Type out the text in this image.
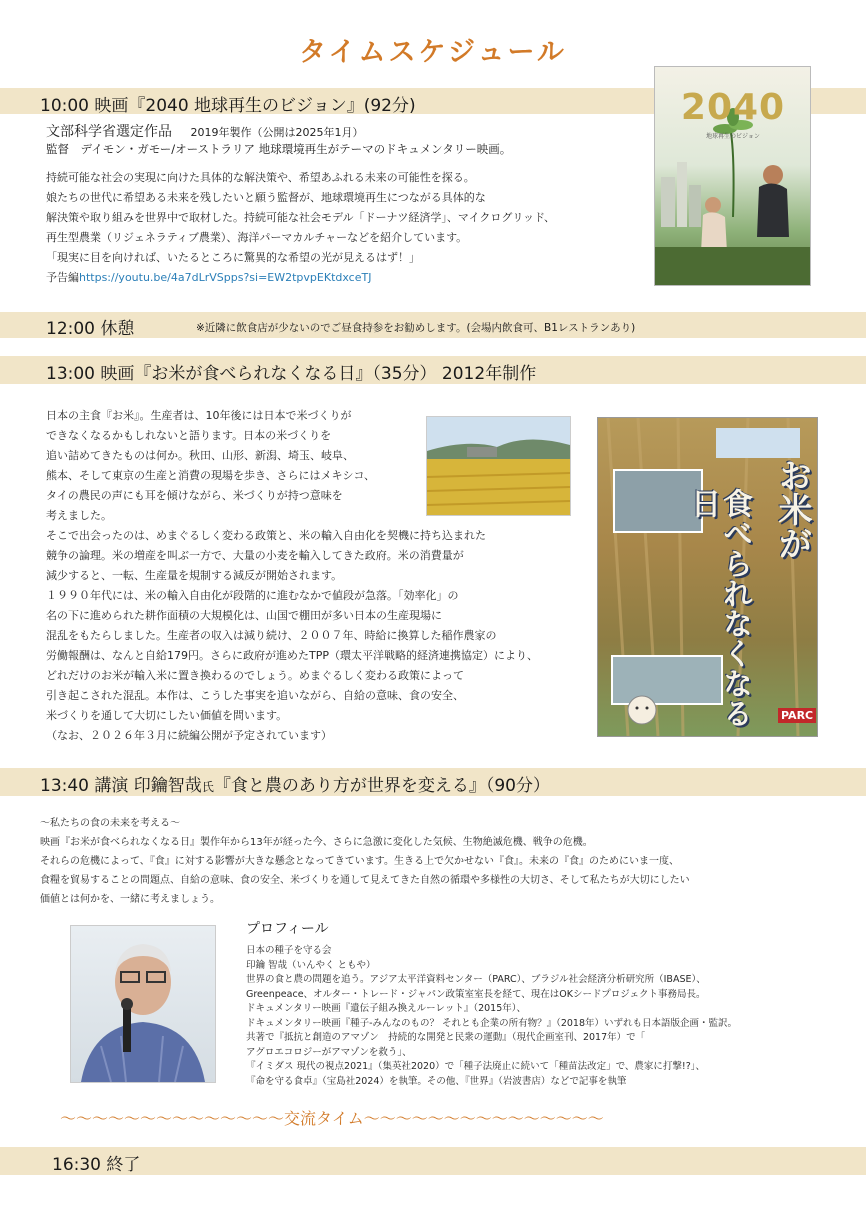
タイムスケジュール
10:00 映画『2040 地球再生のビジョン』(92分)
文部科学省選定作品 2019年製作（公開は2025年1月）
監督　デイモン・ガモー/オーストラリア 地球環境再生がテーマのドキュメンタリー映画。
持続可能な社会の実現に向けた具体的な解決策や、希望あふれる未来の可能性を探る。
娘たちの世代に希望ある未来を残したいと願う監督が、地球環境再生につながる具体的な
解決策や取り組みを世界中で取材した。持続可能な社会モデル「ドーナツ経済学」、マイクログリッド、
再生型農業（リジェネラティブ農業）、海洋パーマカルチャーなどを紹介しています。
「現実に目を向ければ、いたるところに驚異的な希望の光が見えるはず！」
予告編https://youtu.be/4a7dLrVSpps?si=EW2tpvpEKtdxceTJ
2040
地球再生のビジョン
12:00 休憩	※近隣に飲食店が少ないのでご昼食持参をお勧めします。(会場内飲食可、B1レストランあり)
13:00 映画『お米が食べられなくなる日』（35分） 2012年制作
日本の主食『お米』。生産者は、10年後には日本で米づくりが
できなくなるかもしれないと語ります。日本の米づくりを
追い詰めてきたものは何か。秋田、山形、新潟、埼玉、岐阜、
熊本、そして東京の生産と消費の現場を歩き、さらにはメキシコ、
タイの農民の声にも耳を傾けながら、米づくりが持つ意味を
考えました。
そこで出会ったのは、めまぐるしく変わる政策と、米の輸入自由化を契機に持ち込まれた
競争の論理。米の増産を叫ぶ一方で、大量の小麦を輸入してきた政府。米の消費量が
減少すると、一転、生産量を規制する減反が開始されます。
１９９０年代には、米の輸入自由化が段階的に進むなかで値段が急落。「効率化」の
名の下に進められた耕作面積の大規模化は、山国で棚田が多い日本の生産現場に
混乱をもたらしました。生産者の収入は減り続け、２００７年、時給に換算した稲作農家の
労働報酬は、なんと自給179円。さらに政府が進めたTPP（環太平洋戦略的経済連携協定）により、
どれだけのお米が輸入米に置き換わるのでしょう。めまぐるしく変わる政策によって
引き起こされた混乱。本作は、こうした事実を追いながら、自給の意味、食の安全、
米づくりを通して大切にしたい価値を問います。
（なお、２０２６年３月に続編公開が予定されています）
お米が
食べられなくなる日
PARC
13:40 講演 印鑰智哉氏『食と農のあり方が世界を変える』（90分）
～私たちの食の未来を考える～
映画『お米が食べられなくなる日』製作年から13年が経った今、さらに急激に変化した気候、生物絶滅危機、戦争の危機。
それらの危機によって、『食』に対する影響が大きな懸念となってきています。生きる上で欠かせない『食』。未来の『食』のためにいま一度、
食糧を貿易することの問題点、自給の意味、食の安全、米づくりを通して見えてきた自然の循環や多様性の大切さ、そして私たちが大切にしたい
価値とは何かを、一緒に考えましょう。
プロフィール
日本の種子を守る会
印鑰 智哉（いんやく ともや）
世界の食と農の問題を追う。アジア太平洋資料センター（PARC）、ブラジル社会経済分析研究所（IBASE）、
Greenpeace、オルター・トレード・ジャパン政策室室長を経て、現在はOKシードプロジェクト事務局長。
ドキュメンタリー映画『遺伝子組み換えルーレット』（2015年）、
ドキュメンタリー映画『種子-みんなのもの？ それとも企業の所有物？』（2018年）いずれも日本語版企画・監訳。
共著で『抵抗と創造のアマゾン　持続的な開発と民衆の運動』（現代企画室刊、2017年）で「
アグロエコロジーがアマゾンを救う」、
『イミダス 現代の視点2021』（集英社2020）で「種子法廃止に続いて「種苗法改定」で、農家に打撃!?」、
『命を守る食卓』（宝島社2024）を執筆。その他、『世界』（岩波書店）などで記事を執筆
～～～～～～～～～～～～～～交流タイム～～～～～～～～～～～～～～～
16:30 終了
